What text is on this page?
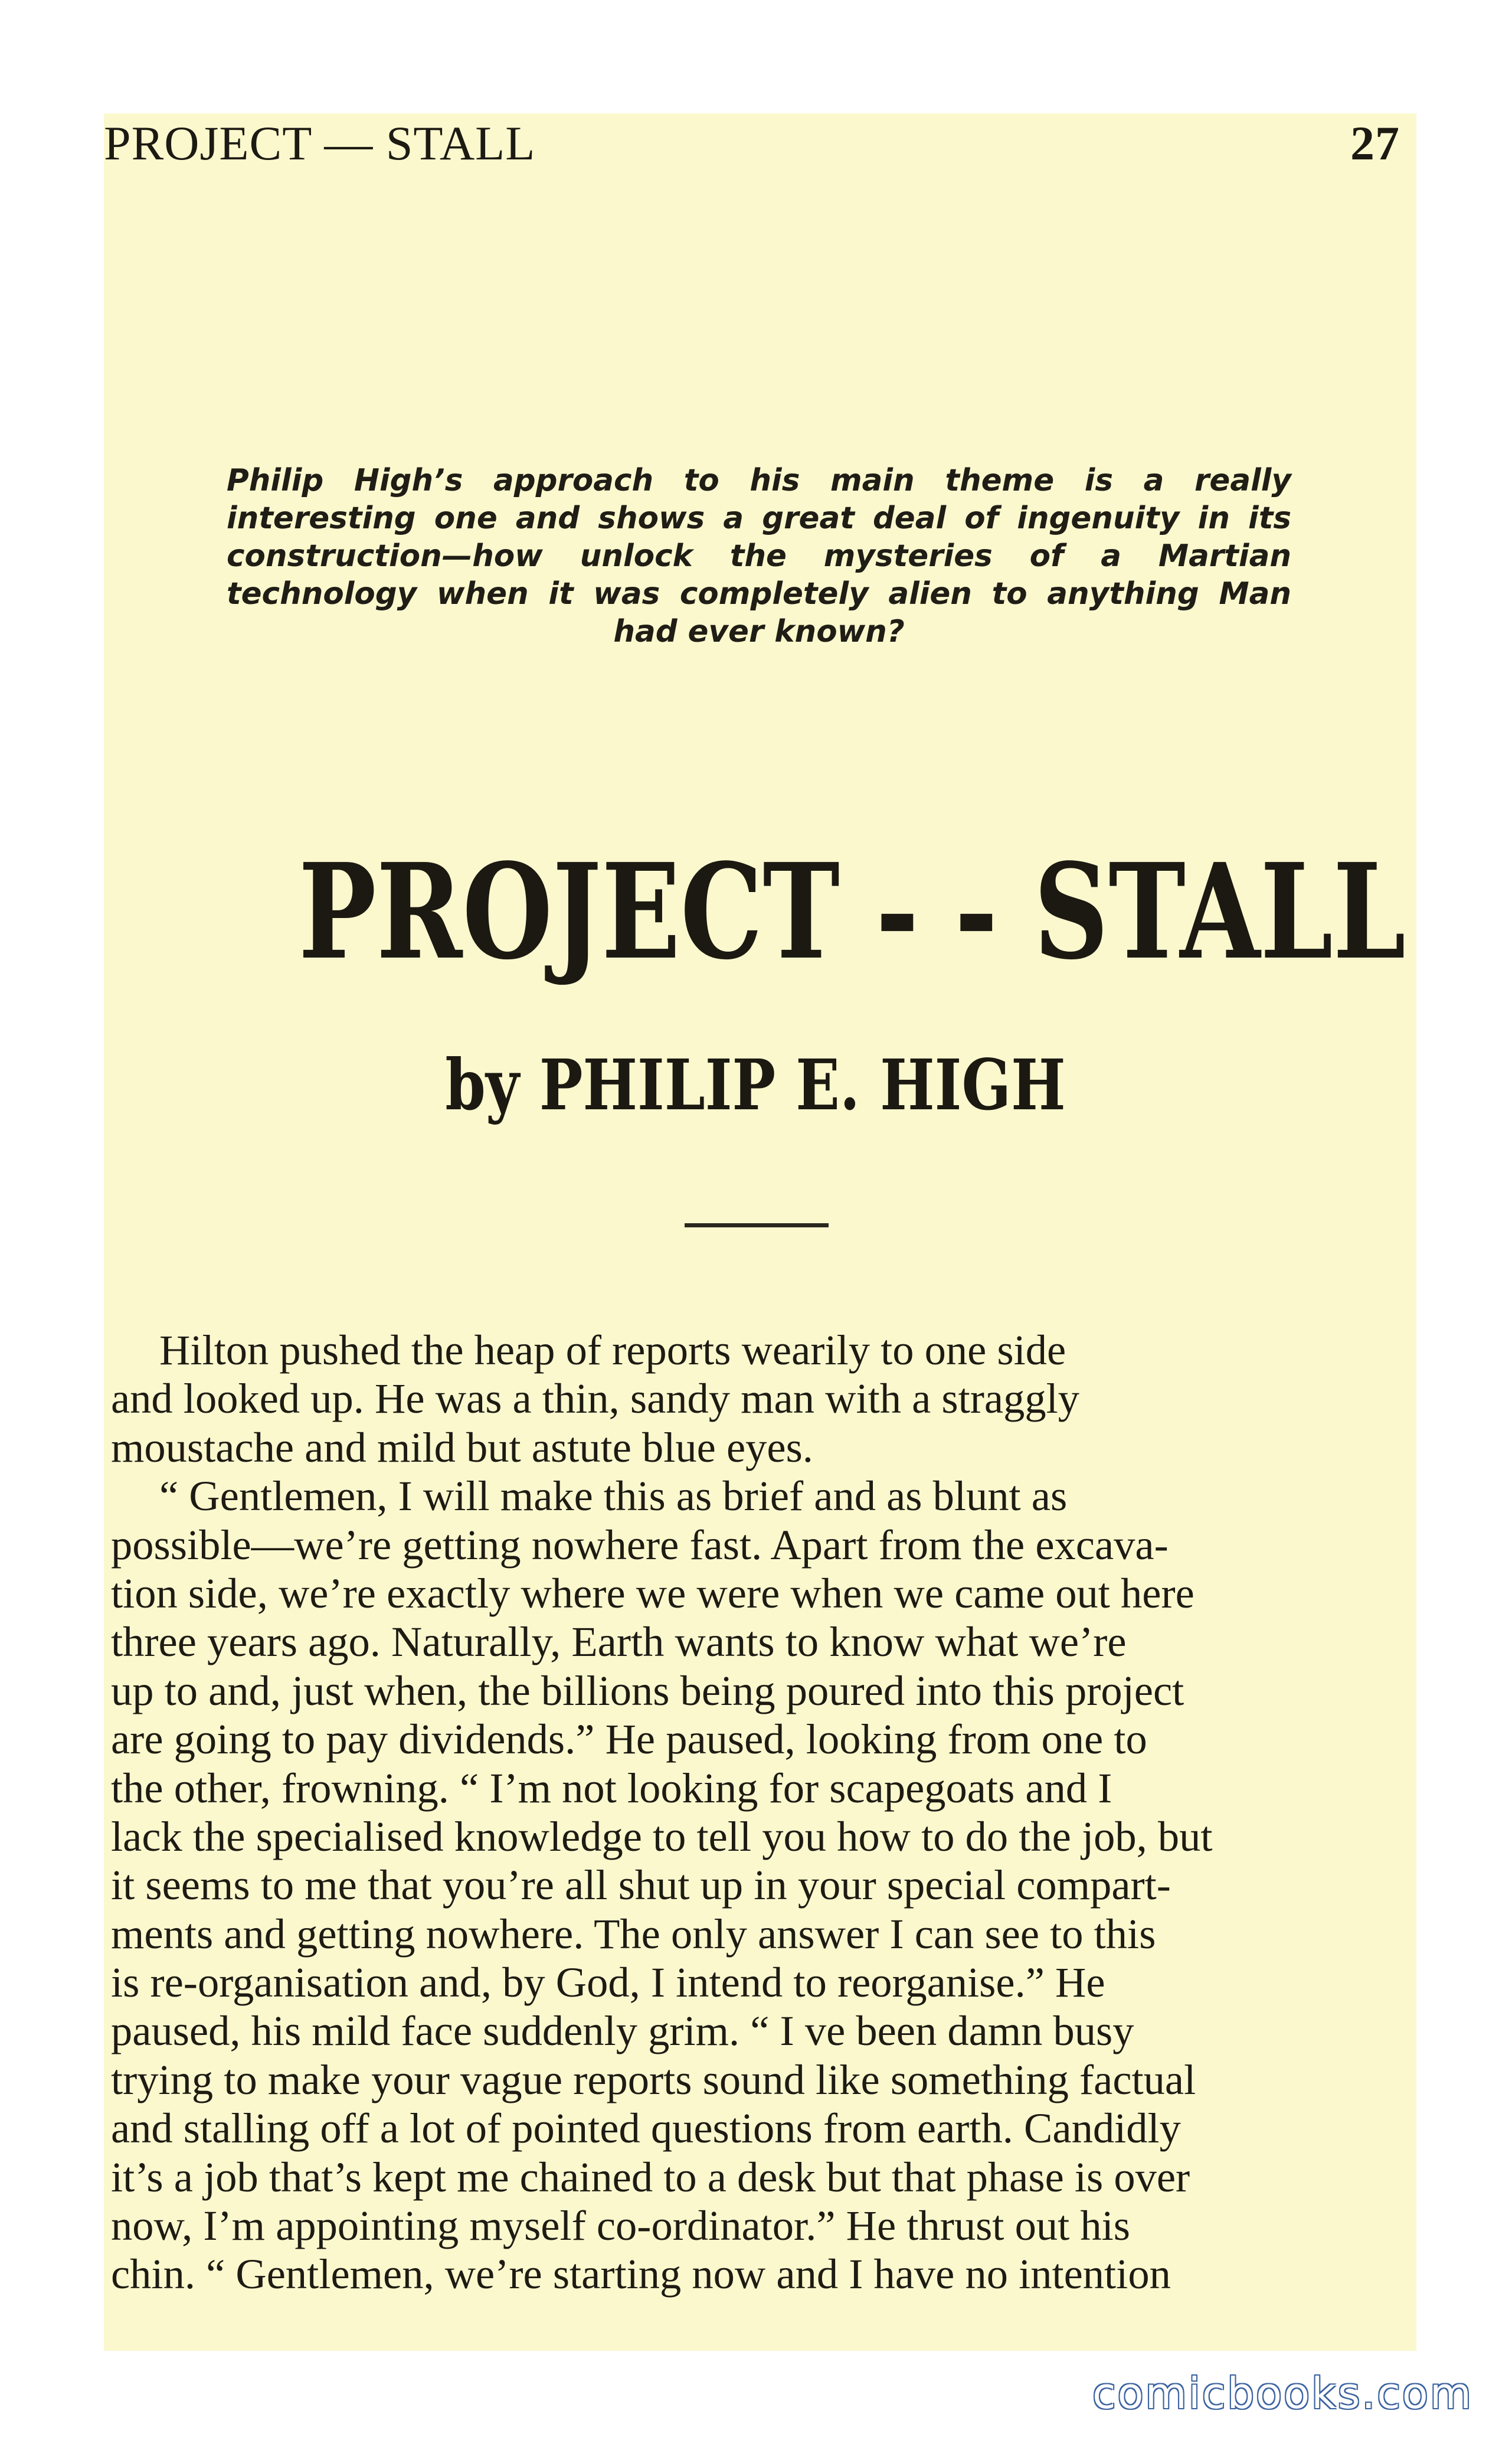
PROJECT — STALL	27
Philip High’s approach to his main theme is a really interesting one and shows a great deal of ingenuity in its construction—how unlock the mysteries of a Martian technology when it was completely alien to anything Man had ever known?
PROJECT - - STALL
by PHILIP E. HIGH
Hilton pushed the heap of reports wearily to one side
and looked up. He was a thin, sandy man with a straggly
moustache and mild but astute blue eyes.
“ Gentlemen, I will make this as brief and as blunt as
possible—we’re getting nowhere fast. Apart from the excava-
tion side, we’re exactly where we were when we came out here
three years ago. Naturally, Earth wants to know what we’re
up to and, just when, the billions being poured into this project
are going to pay dividends.” He paused, looking from one to
the other, frowning. “ I’m not looking for scapegoats and I
lack the specialised knowledge to tell you how to do the job, but
it seems to me that you’re all shut up in your special compart-
ments and getting nowhere. The only answer I can see to this
is re-organisation and, by God, I intend to reorganise.” He
paused, his mild face suddenly grim. “ I ve been damn busy
trying to make your vague reports sound like something factual
and stalling off a lot of pointed questions from earth. Candidly
it’s a job that’s kept me chained to a desk but that phase is over
now, I’m appointing myself co-ordinator.” He thrust out his
chin. “ Gentlemen, we’re starting now and I have no intention
comicbooks.com
